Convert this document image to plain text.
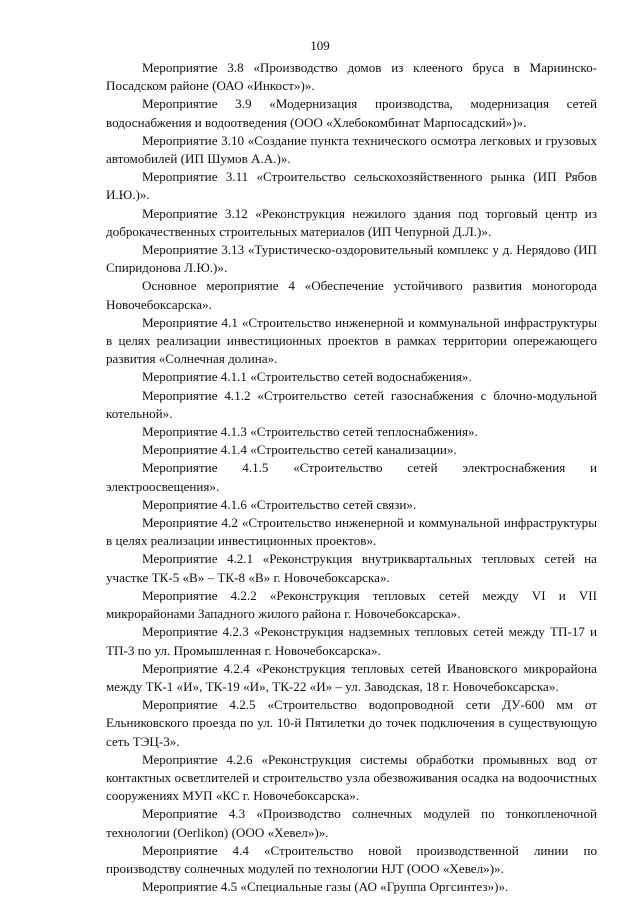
109

Мероприятие 3.8 «Производство домов из клееного бруса в Мариинско-Посадском районе (ОАО «Инкост»)».

Мероприятие 3.9 «Модернизация производства, модернизация сетей водоснабжения и водоотведения (ООО «Хлебокомбинат Марпосадский»)».

Мероприятие 3.10 «Создание пункта технического осмотра легковых и грузовых автомобилей (ИП Шумов А.А.)».

Мероприятие 3.11 «Строительство сельскохозяйственного рынка (ИП Рябов И.Ю.)».

Мероприятие 3.12 «Реконструкция нежилого здания под торговый центр из доброкачественных строительных материалов (ИП Чепурной Д.Л.)».

Мероприятие 3.13 «Туристическо-оздоровительный комплекс у д. Нерядово (ИП Спиридонова Л.Ю.)».

Основное мероприятие 4 «Обеспечение устойчивого развития моногорода Новочебоксарска».

Мероприятие 4.1 «Строительство инженерной и коммунальной инфраструктуры в целях реализации инвестиционных проектов в рамках территории опережающего развития «Солнечная долина».

Мероприятие 4.1.1 «Строительство сетей водоснабжения».

Мероприятие 4.1.2 «Строительство сетей газоснабжения с блочно-модульной котельной».

Мероприятие 4.1.3 «Строительство сетей теплоснабжения».

Мероприятие 4.1.4 «Строительство сетей канализации».

Мероприятие 4.1.5 «Строительство сетей электроснабжения и электроосвещения».

Мероприятие 4.1.6 «Строительство сетей связи».

Мероприятие 4.2 «Строительство инженерной и коммунальной инфраструктуры в целях реализации инвестиционных проектов».

Мероприятие 4.2.1 «Реконструкция внутриквартальных тепловых сетей на участке ТК-5 «В» – ТК-8 «В» г. Новочебоксарска».

Мероприятие 4.2.2 «Реконструкция тепловых сетей между VI и VII микрорайонами Западного жилого района г. Новочебоксарска».

Мероприятие 4.2.3 «Реконструкция надземных тепловых сетей между ТП-17 и ТП-3 по ул. Промышленная г. Новочебоксарска».

Мероприятие 4.2.4 «Реконструкция тепловых сетей Ивановского микрорайона между ТК-1 «И», ТК-19 «И», ТК-22 «И» – ул. Заводская, 18 г. Новочебоксарска».

Мероприятие 4.2.5 «Строительство водопроводной сети ДУ-600 мм от Ельниковского проезда по ул. 10-й Пятилетки до точек подключения в существующую сеть ТЭЦ-3».

Мероприятие 4.2.6 «Реконструкция системы обработки промывных вод от контактных осветлителей и строительство узла обезвоживания осадка на водоочистных сооружениях МУП «КС г. Новочебоксарска».

Мероприятие 4.3 «Производство солнечных модулей по тонкопленочной технологии (Oerlikon) (ООО «Хевел»)».

Мероприятие 4.4 «Строительство новой производственной линии по производству солнечных модулей по технологии HJT (ООО «Хевел»)».

Мероприятие 4.5 «Специальные газы (АО «Группа Оргсинтез»)».
